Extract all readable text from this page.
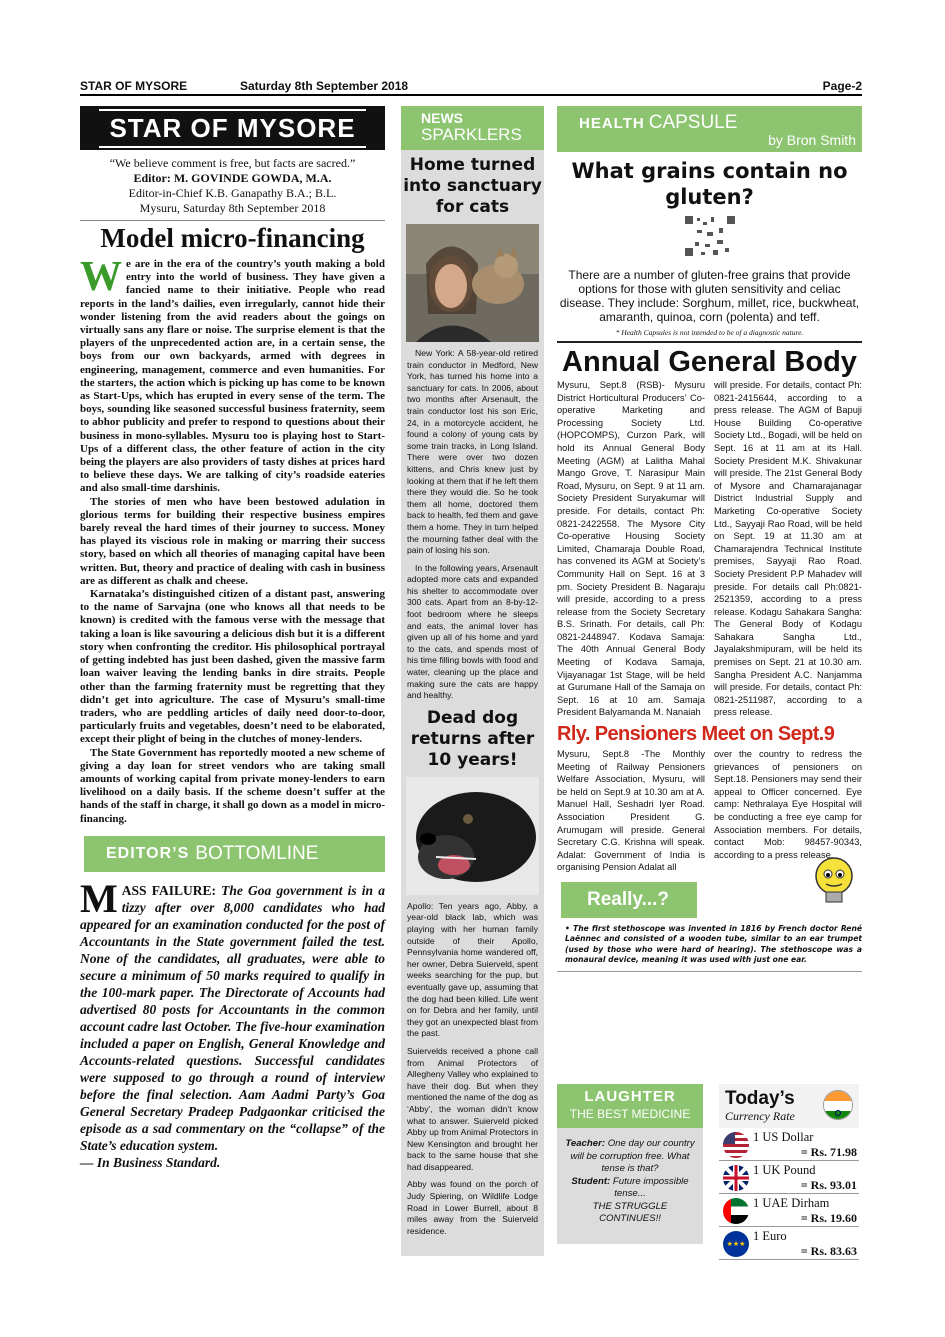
STAR OF MYSORE	Saturday 8th September 2018	Page-2
STAR OF MYSORE
“We believe comment is free, but facts are sacred.”
Editor: M. GOVINDE GOWDA, M.A.
Editor-in-Chief K.B. Ganapathy B.A.; B.L.
Mysuru, Saturday 8th September 2018
Model micro-financing

We are in the era of the country’s youth making a bold entry into the world of business. They have given a fancied name to their initiative. People who read reports in the land’s dailies, even irregularly, cannot hide their wonder listening from the avid readers about the goings on virtually sans any flare or noise. The surprise element is that the players of the unprecedented action are, in a certain sense, the boys from our own backyards, armed with degrees in engineering, management, commerce and even humanities. For the starters, the action which is picking up has come to be known as Start-Ups, which has erupted in every sense of the term. The boys, sounding like seasoned successful business fraternity, seem to abhor publicity and prefer to respond to questions about their business in mono-syllables. Mysuru too is playing host to Start-Ups of a different class, the other feature of action in the city being the players are also providers of tasty dishes at prices hard to believe these days. We are talking of city’s roadside eateries and also small-time darshinis.

The stories of men who have been bestowed adulation in glorious terms for building their respective business empires barely reveal the hard times of their journey to success. Money has played its viscious role in making or marring their success story, based on which all theories of managing capital have been written. But, theory and practice of dealing with cash in business are as different as chalk and cheese.

Karnataka’s distinguished citizen of a distant past, answering to the name of Sarvajna (one who knows all that needs to be known) is credited with the famous verse with the message that taking a loan is like savouring a delicious dish but it is a different story when confronting the creditor. His philosophical portrayal of getting indebted has just been dashed, given the massive farm loan waiver leaving the lending banks in dire straits. People other than the farming fraternity must be regretting that they didn’t get into agriculture. The case of Mysuru’s small-time traders, who are peddling articles of daily need door-to-door, particularly fruits and vegetables, doesn’t need to be elaborated, except their plight of being in the clutches of money-lenders.

The State Government has reportedly mooted a new scheme of giving a day loan for street vendors who are taking small amounts of working capital from private money-lenders to earn livelihood on a daily basis. If the scheme doesn’t suffer at the hands of the staff in charge, it shall go down as a model in micro-financing.

EDITOR’S BOTTOMLINE
MASS FAILURE: The Goa government is in a tizzy after over 8,000 candidates who had appeared for an examination conducted for the post of Accountants in the State government failed the test. None of the candidates, all graduates, were able to secure a minimum of 50 marks required to qualify in the 100-mark paper. The Directorate of Accounts had advertised 80 posts for Accountants in the common account cadre last October. The five-hour examination included a paper on English, General Knowledge and Accounts-related questions. Successful candidates were supposed to go through a round of interview before the final selection. Aam Aadmi Party’s Goa General Secretary Pradeep Padgaonkar criticised the episode as a sad commentary on the “collapse” of the State’s education system.
— In Business Standard.
NEWS
SPARKLERS
Home turned into sanctuary for cats

New York: A 58-year-old retired train conductor in Medford, New York, has turned his home into a sanctuary for cats. In 2006, about two months after Arsenault, the train conductor lost his son Eric, 24, in a motorcycle accident, he found a colony of young cats by some train tracks, in Long Island. There were over two dozen kittens, and Chris knew just by looking at them that if he left them there they would die. So he took them all home, doctored them back to health, fed them and gave them a home. They in turn helped the mourning father deal with the pain of losing his son.

In the following years, Arsenault adopted more cats and expanded his shelter to accommodate over 300 cats. Apart from an 8-by-12-foot bedroom where he sleeps and eats, the animal lover has given up all of his home and yard to the cats, and spends most of his time filling bowls with food and water, cleaning up the place and making sure the cats are happy and healthy.

Dead dog returns after 10 years!

Apollo: Ten years ago, Abby, a year-old black lab, which was playing with her human family outside of their Apollo, Pennsylvania home wandered off, her owner, Debra Suierveld, spent weeks searching for the pup, but eventually gave up, assuming that the dog had been killed. Life went on for Debra and her family, until they got an unexpected blast from the past.

Suiervelds received a phone call from Animal Protectors of Allegheny Valley who explained to have their dog. But when they mentioned the name of the dog as ‘Abby’, the woman didn’t know what to answer. Suierveld picked Abby up from Animal Protectors in New Kensington and brought her back to the same house that she had disappeared.

Abby was found on the porch of Judy Spiering, on Wildlife Lodge Road in Lower Burrell, about 8 miles away from the Suierveld residence.

HEALTH CAPSULE
by Bron Smith
What grains contain no gluten?
There are a number of gluten-free grains that provide options for those with gluten sensitivity and celiac disease. They include: Sorghum, millet, rice, buckwheat, amaranth, quinoa, corn (polenta) and teff.
* Health Capsules is not intended to be of a diagnostic nature.
Annual General Body
Mysuru, Sept.8 (RSB)- Mysuru District Horticultural Producers’ Co-operative Marketing and Processing Society Ltd. (HOPCOMPS), Curzon Park, will hold its Annual General Body Meeting (AGM) at Lalitha Mahal Mango Grove, T. Narasipur Main Road, Mysuru, on Sept. 9 at 11 am. Society President Suryakumar will preside. For details, contact Ph: 0821-2422558. The Mysore City Co-operative Housing Society Limited, Chamaraja Double Road, has convened its AGM at Society’s Community Hall on Sept. 16 at 3 pm. Society President B. Nagaraju will preside, according to a press release from the Society Secretary B.S. Srinath. For details, call Ph: 0821-2448947. Kodava Samaja: The 40th Annual General Body Meeting of Kodava Samaja, Vijayanagar 1st Stage, will be held at Gurumane Hall of the Samaja on Sept. 16 at 10 am. Samaja President Balyamanda M. Nanaiah
will preside. For details, contact Ph: 0821-2415644, according to a press release. The AGM of Bapuji House Building Co-operative Society Ltd., Bogadi, will be held on Sept. 16 at 11 am at its Hall. Society President M.K. Shivakunar will preside. The 21st General Body of Mysore and Chamarajanagar District Industrial Supply and Marketing Co-operative Society Ltd., Sayyaji Rao Road, will be held on Sept. 19 at 11.30 am at Chamarajendra Technical Institute premises, Sayyaji Rao Road. Society President P.P Mahadev will preside. For details call Ph:0821-2521359, according to a press release. Kodagu Sahakara Sangha: The General Body of Kodagu Sahakara Sangha Ltd., Jayalakshmipuram, will be held its premises on Sept. 21 at 10.30 am. Sangha President A.C. Nanjamma will preside. For details, contact Ph: 0821-2511987, according to a press release.
Rly. Pensioners Meet on Sept.9
Mysuru, Sept.8 -The Monthly Meeting of Railway Pensioners Welfare Association, Mysuru, will be held on Sept.9 at 10.30 am at A. Manuel Hall, Seshadri Iyer Road. Association President G. Arumugam will preside. General Secretary C.G. Krishna will speak. Adalat: Government of India is organising Pension Adalat all
over the country to redress the grievances of pensioners on Sept.18. Pensioners may send their appeal to Officer concerned. Eye camp: Nethralaya Eye Hospital will be conducting a free eye camp for Association members. For details, contact Mob: 98457-90343, according to a press release.
Really...?
• The first stethoscope was invented in 1816 by French doctor René Laënnec and consisted of a wooden tube, similar to an ear trumpet (used by those who were hard of hearing). The stethoscope was a monaural device, meaning it was used with just one ear.
LAUGHTER
THE BEST MEDICINE
Teacher: One day our country will be corruption free. What tense is that?
Student: Future impossible tense...
THE STRUGGLE CONTINUES!!
Today’s
Currency Rate
1 US Dollar
= Rs. 71.98
1 UK Pound
= Rs. 93.01
1 UAE Dirham
= Rs. 19.60
★★★
1 Euro
= Rs. 83.63
